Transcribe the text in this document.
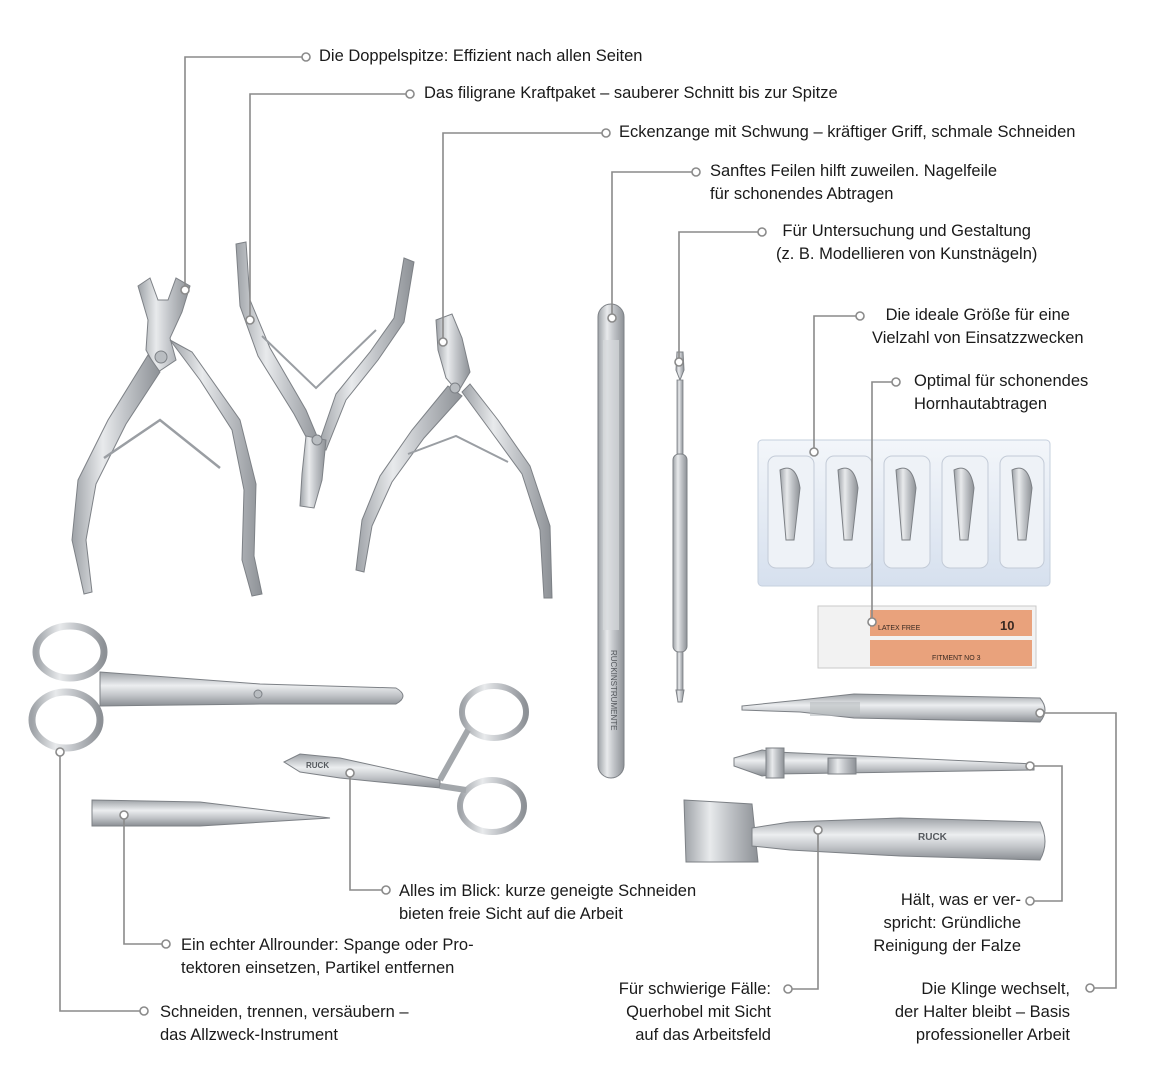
RUCKINSTRUMENTE
10
FITMENT NO 3
LATEX FREE
RUCK
RUCK
Die Doppelspitze: Effizient nach allen Seiten
Das filigrane Kraftpaket – sauberer Schnitt bis zur Spitze
Eckenzange mit Schwung – kräftiger Griff, schmale Schneiden
Sanftes Feilen hilft zuweilen. Nagelfeile
für schonendes Abtragen
Für Untersuchung und Gestaltung
(z. B. Modellieren von Kunstnägeln)
Die ideale Größe für eine
Vielzahl von Einsatzzwecken
Optimal für schonendes
Hornhautabtragen
Hält, was er ver-
spricht: Gründliche
Reinigung der Falze
Die Klinge wechselt,
der Halter bleibt – Basis
professioneller Arbeit
Für schwierige Fälle:
Querhobel mit Sicht
auf das Arbeitsfeld
Alles im Blick: kurze geneigte Schneiden
bieten freie Sicht auf die Arbeit
Ein echter Allrounder: Spange oder Pro-
tektoren einsetzen, Partikel entfernen
Schneiden, trennen, versäubern –
das Allzweck-Instrument
